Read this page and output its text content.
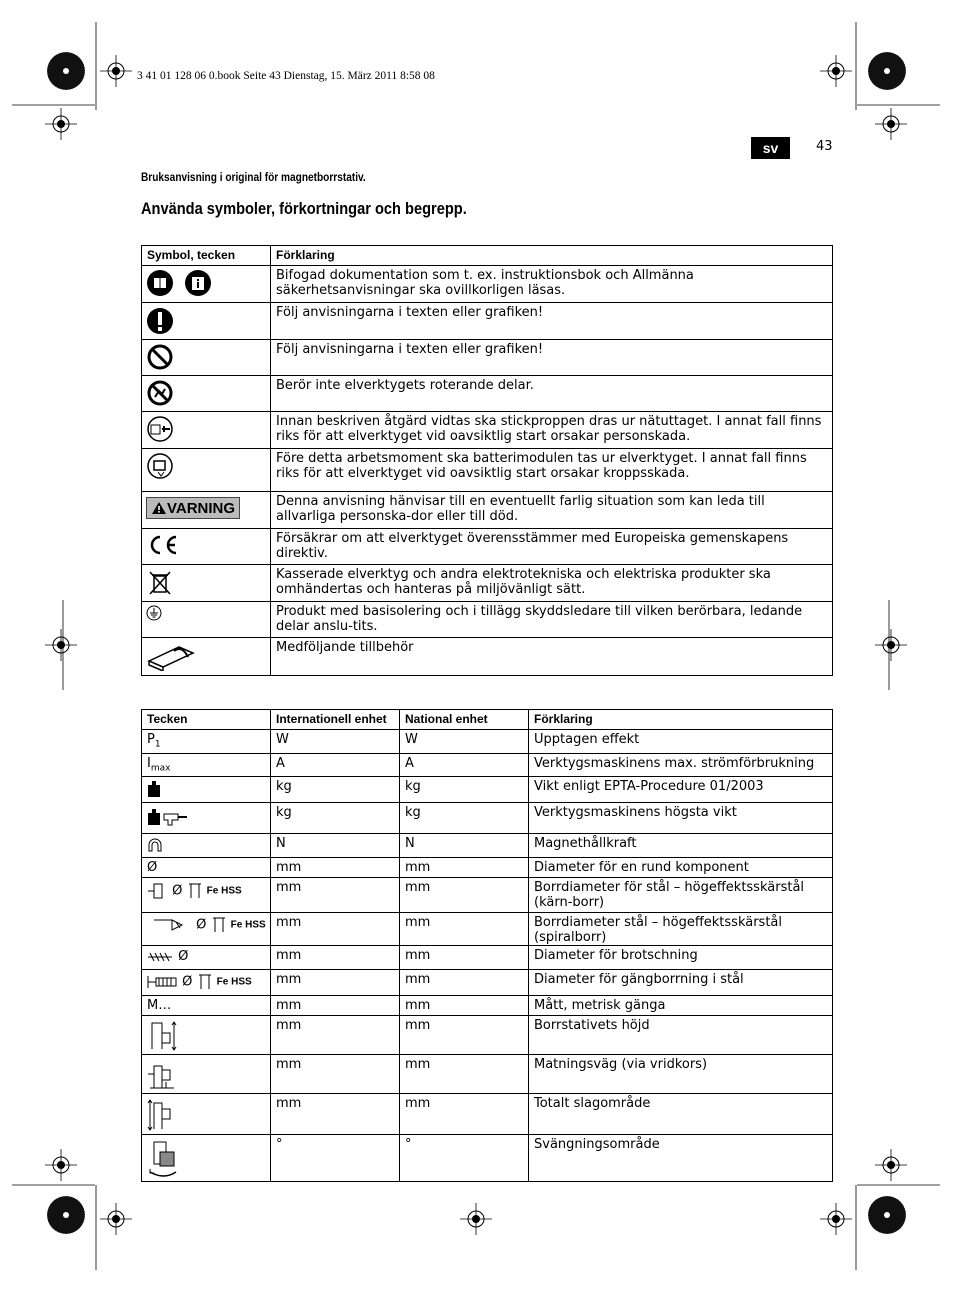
3 41 01 128 06 0.book Seite 43 Dienstag, 15. März 2011 8:58 08
sv	43
Bruksanvisning i original för magnetborrstativ.
Använda symboler, förkortningar och begrepp.
Symbol, tecken	Förklaring
	Bifogad dokumentation som t. ex. instruktionsbok och Allmänna säkerhetsanvisningar ska ovillkorligen läsas.
	Följ anvisningarna i texten eller grafiken!
	Följ anvisningarna i texten eller grafiken!
	Berör inte elverktygets roterande delar.
	Innan beskriven åtgärd vidtas ska stickproppen dras ur nätuttaget. I annat fall finns riks för att elverktyget vid oavsiktlig start orsakar personskada.
	Före detta arbetsmoment ska batterimodulen tas ur elverktyget. I annat fall finns riks för att elverktyget vid oavsiktlig start orsakar kroppsskada.

VARNING	Denna anvisning hänvisar till en eventuellt farlig situation som kan leda till allvarliga personska-dor eller till död.
	Försäkrar om att elverktyget överensstämmer med Europeiska gemenskapens direktiv.
	Kasserade elverktyg och andra elektrotekniska och elektriska produkter ska omhändertas och hanteras på miljövänligt sätt.
	Produkt med basisolering och i tillägg skyddsledare till vilken berörbara, ledande delar anslu-tits.
	Medföljande tillbehör
Tecken	Internationell enhet	National enhet	Förklaring
$P_1$	W	W	Upptagen effekt
$I_{max}$	A	A	Verktygsmaskinens max. strömförbrukning
	kg	kg	Vikt enligt EPTA-Procedure 01/2003
	kg	kg	Verktygsmaskinens högsta vikt
	N	N	Magnethållkraft
Ø	mm	mm	Diameter för en rund komponent
Ø Fe HSS	mm	mm	Borrdiameter för stål – högeffektsskärstål (kärn-borr)
Ø Fe HSS	mm	mm	Borrdiameter stål – högeffektsskärstål (spiralborr)
Ø	mm	mm	Diameter för brotschning
Ø Fe HSS	mm	mm	Diameter för gängborrning i stål
M…	mm	mm	Mått, metrisk gänga
	mm	mm	Borrstativets höjd
	mm	mm	Matningsväg (via vridkors)
	mm	mm	Totalt slagområde
	°	°	Svängningsområde
